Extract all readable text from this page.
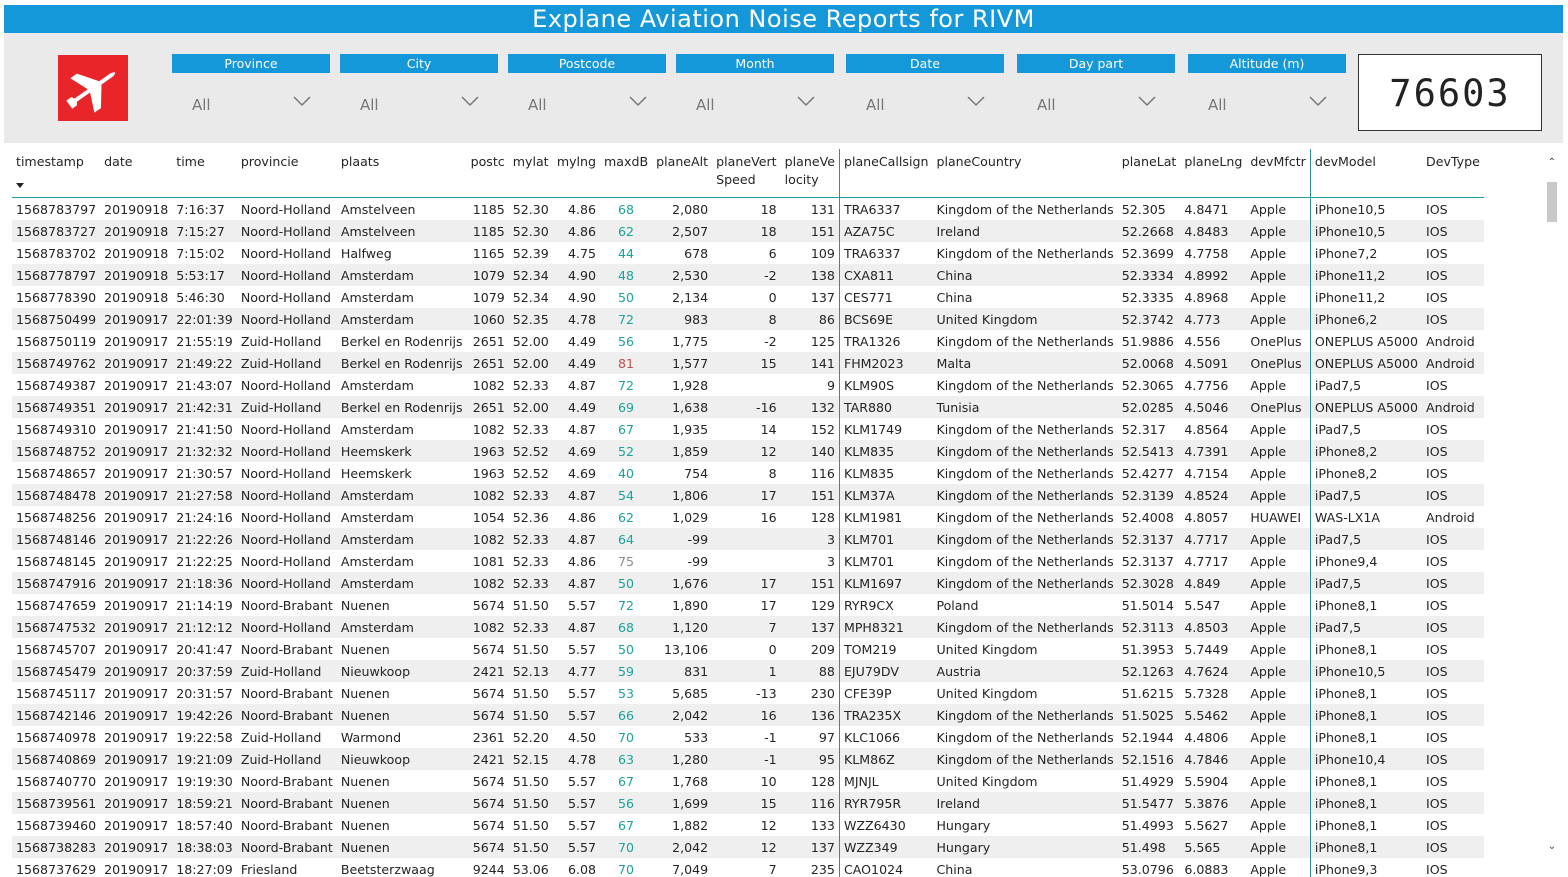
Explane Aviation Noise Reports for RIVM
Province
All
City
All
Postcode
All
Month
All
Date
All
Day part
All
Altitude (m)
All	76603
timestamp	date	time	provincie	plaats	postc	mylat	mylng	maxdB	planeAlt	planeVert Speed	planeVe locity	planeCallsign	planeCountry	planeLat	planeLng	devMfctr	devModel	DevType
1568783797	20190918	7:16:37	Noord-Holland	Amstelveen	1185	52.30	4.86	68	2,080	18	131	TRA6337	Kingdom of the Netherlands	52.305	4.8471	Apple	iPhone10,5	IOS
1568783727	20190918	7:15:27	Noord-Holland	Amstelveen	1185	52.30	4.86	62	2,507	18	151	AZA75C	Ireland	52.2668	4.8483	Apple	iPhone10,5	IOS
1568783702	20190918	7:15:02	Noord-Holland	Halfweg	1165	52.39	4.75	44	678	6	109	TRA6337	Kingdom of the Netherlands	52.3699	4.7758	Apple	iPhone7,2	IOS
1568778797	20190918	5:53:17	Noord-Holland	Amsterdam	1079	52.34	4.90	48	2,530	-2	138	CXA811	China	52.3334	4.8992	Apple	iPhone11,2	IOS
1568778390	20190918	5:46:30	Noord-Holland	Amsterdam	1079	52.34	4.90	50	2,134	0	137	CES771	China	52.3335	4.8968	Apple	iPhone11,2	IOS
1568750499	20190917	22:01:39	Noord-Holland	Amsterdam	1060	52.35	4.78	72	983	8	86	BCS69E	United Kingdom	52.3742	4.773	Apple	iPhone6,2	IOS
1568750119	20190917	21:55:19	Zuid-Holland	Berkel en Rodenrijs	2651	52.00	4.49	56	1,775	-2	125	TRA1326	Kingdom of the Netherlands	51.9886	4.556	OnePlus	ONEPLUS A5000	Android
1568749762	20190917	21:49:22	Zuid-Holland	Berkel en Rodenrijs	2651	52.00	4.49	81	1,577	15	141	FHM2023	Malta	52.0068	4.5091	OnePlus	ONEPLUS A5000	Android
1568749387	20190917	21:43:07	Noord-Holland	Amsterdam	1082	52.33	4.87	72	1,928		9	KLM90S	Kingdom of the Netherlands	52.3065	4.7756	Apple	iPad7,5	IOS
1568749351	20190917	21:42:31	Zuid-Holland	Berkel en Rodenrijs	2651	52.00	4.49	69	1,638	-16	132	TAR880	Tunisia	52.0285	4.5046	OnePlus	ONEPLUS A5000	Android
1568749310	20190917	21:41:50	Noord-Holland	Amsterdam	1082	52.33	4.87	67	1,935	14	152	KLM1749	Kingdom of the Netherlands	52.317	4.8564	Apple	iPad7,5	IOS
1568748752	20190917	21:32:32	Noord-Holland	Heemskerk	1963	52.52	4.69	52	1,859	12	140	KLM835	Kingdom of the Netherlands	52.5413	4.7391	Apple	iPhone8,2	IOS
1568748657	20190917	21:30:57	Noord-Holland	Heemskerk	1963	52.52	4.69	40	754	8	116	KLM835	Kingdom of the Netherlands	52.4277	4.7154	Apple	iPhone8,2	IOS
1568748478	20190917	21:27:58	Noord-Holland	Amsterdam	1082	52.33	4.87	54	1,806	17	151	KLM37A	Kingdom of the Netherlands	52.3139	4.8524	Apple	iPad7,5	IOS
1568748256	20190917	21:24:16	Noord-Holland	Amsterdam	1054	52.36	4.86	62	1,029	16	128	KLM1981	Kingdom of the Netherlands	52.4008	4.8057	HUAWEI	WAS-LX1A	Android
1568748146	20190917	21:22:26	Noord-Holland	Amsterdam	1082	52.33	4.87	64	-99		3	KLM701	Kingdom of the Netherlands	52.3137	4.7717	Apple	iPad7,5	IOS
1568748145	20190917	21:22:25	Noord-Holland	Amsterdam	1081	52.33	4.86	75	-99		3	KLM701	Kingdom of the Netherlands	52.3137	4.7717	Apple	iPhone9,4	IOS
1568747916	20190917	21:18:36	Noord-Holland	Amsterdam	1082	52.33	4.87	50	1,676	17	151	KLM1697	Kingdom of the Netherlands	52.3028	4.849	Apple	iPad7,5	IOS
1568747659	20190917	21:14:19	Noord-Brabant	Nuenen	5674	51.50	5.57	72	1,890	17	129	RYR9CX	Poland	51.5014	5.547	Apple	iPhone8,1	IOS
1568747532	20190917	21:12:12	Noord-Holland	Amsterdam	1082	52.33	4.87	68	1,120	7	137	MPH8321	Kingdom of the Netherlands	52.3113	4.8503	Apple	iPad7,5	IOS
1568745707	20190917	20:41:47	Noord-Brabant	Nuenen	5674	51.50	5.57	50	13,106	0	209	TOM219	United Kingdom	51.3953	5.7449	Apple	iPhone8,1	IOS
1568745479	20190917	20:37:59	Zuid-Holland	Nieuwkoop	2421	52.13	4.77	59	831	1	88	EJU79DV	Austria	52.1263	4.7624	Apple	iPhone10,5	IOS
1568745117	20190917	20:31:57	Noord-Brabant	Nuenen	5674	51.50	5.57	53	5,685	-13	230	CFE39P	United Kingdom	51.6215	5.7328	Apple	iPhone8,1	IOS
1568742146	20190917	19:42:26	Noord-Brabant	Nuenen	5674	51.50	5.57	66	2,042	16	136	TRA235X	Kingdom of the Netherlands	51.5025	5.5462	Apple	iPhone8,1	IOS
1568740978	20190917	19:22:58	Zuid-Holland	Warmond	2361	52.20	4.50	70	533	-1	97	KLC1066	Kingdom of the Netherlands	52.1944	4.4806	Apple	iPhone8,1	IOS
1568740869	20190917	19:21:09	Zuid-Holland	Nieuwkoop	2421	52.15	4.78	63	1,280	-1	95	KLM86Z	Kingdom of the Netherlands	52.1516	4.7846	Apple	iPhone10,4	IOS
1568740770	20190917	19:19:30	Noord-Brabant	Nuenen	5674	51.50	5.57	67	1,768	10	128	MJNJL	United Kingdom	51.4929	5.5904	Apple	iPhone8,1	IOS
1568739561	20190917	18:59:21	Noord-Brabant	Nuenen	5674	51.50	5.57	56	1,699	15	116	RYR795R	Ireland	51.5477	5.3876	Apple	iPhone8,1	IOS
1568739460	20190917	18:57:40	Noord-Brabant	Nuenen	5674	51.50	5.57	67	1,882	12	133	WZZ6430	Hungary	51.4993	5.5627	Apple	iPhone8,1	IOS
1568738283	20190917	18:38:03	Noord-Brabant	Nuenen	5674	51.50	5.57	70	2,042	12	137	WZZ349	Hungary	51.498	5.565	Apple	iPhone8,1	IOS
1568737629	20190917	18:27:09	Friesland	Beetsterzwaag	9244	53.06	6.08	70	7,049	7	235	CAO1024	China	53.0796	6.0883	Apple	iPhone9,3	IOS
⌃
⌄
